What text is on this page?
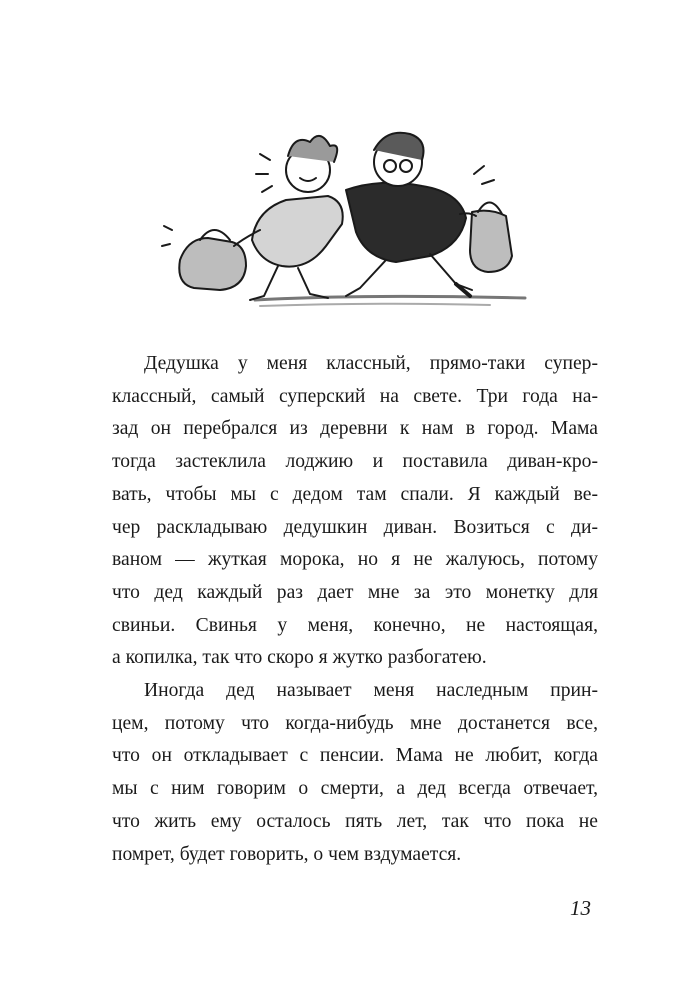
Дедушка у меня классный, прямо-таки супер-
классный, самый суперский на свете. Три года на-
зад он перебрался из деревни к нам в город. Мама
тогда застеклила лоджию и поставила диван-кро-
вать, чтобы мы с дедом там спали. Я каждый ве-
чер раскладываю дедушкин диван. Возиться с ди-
ваном — жуткая морока, но я не жалуюсь, потому
что дед каждый раз дает мне за это монетку для
свиньи. Свинья у меня, конечно, не настоящая,
а копилка, так что скоро я жутко разбогатею.

Иногда дед называет меня наследным прин-
цем, потому что когда-нибудь мне достанется все,
что он откладывает с пенсии. Мама не любит, когда
мы с ним говорим о смерти, а дед всегда отвечает,
что жить ему осталось пять лет, так что пока не
помрет, будет говорить, о чем вздумается.

13
